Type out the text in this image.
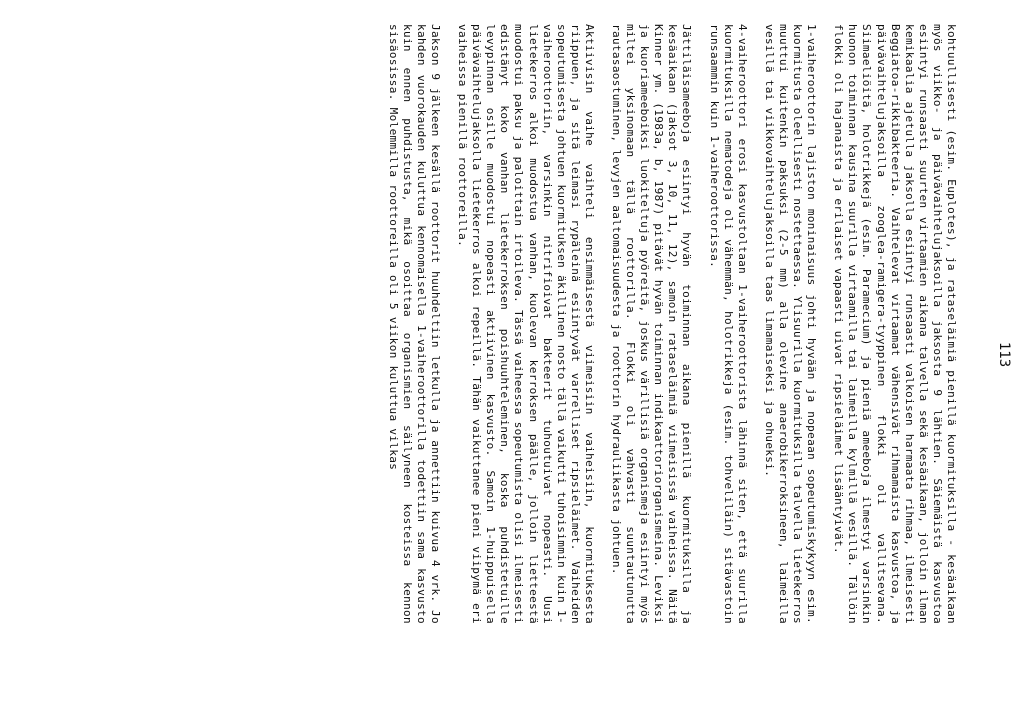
113

kohtuullisesti (esim. Euplotes), ja rataseläimiä pienillä kuormituksilla - kesäaikaan myös viikko- ja päivävaihtelujaksoilla jaksosta 9 lähtien. Säiemäistä kasvustoa esiintyi runsaasti suurten virtaamien aikana talvella sekä kesäaikaan, jolloin ilman kemikaalia ajetulla jaksolla esiintyi runsaasti valkoisen harmaata rihmaa, ilmeisesti Beggiatoa-rikkibakteeria. Vaihtelevat virtaamat vähensivät rihmamaista kasvustoa, ja päivävaihtelujaksoilla zooglea-ramigera-tyyppinen flokki oli vallitsevana. Siimaeliöitä, holotrikkejä (esim. Paramecium) ja pieniä ameeboja ilmestyi varsinkin huonon toiminnan kausina suurilla virtaamilla tai laimeilla kylmillä vesillä. Tällöin flokki oli hajanaista ja erilaiset vapaasti uivat ripsieläimet lisääntyivät.

1-vaiheroottorin lajiston moninaisuus johti hyvään ja nopeaan sopeutumiskykyyn esim. kuormitusta oleellisesti nostettaessa. Ylisuurilla kuormituksilla talvella lietekerros muuttui kuitenkin paksuksi (2-5 mm) alla olevine anaerobikerroksineen, laimeilla vesillä tai viikkovaihtelujaksoilla taas limamaiseksi ja ohueksi.

4-vaiheroottori erosi kasvustoltaan 1-vaiheroottorista lähinnä siten, että suurilla kuormituksilla nematodeja oli vähemmän, holotrikkeja (esim. tohveliläin) sitävastoin runsaammin kuin 1-vaiheroottorissa.

Jättiläisameeboja esiintyi hyvän toiminnan aikana pienillä kuormituksilla ja kesäaikaan (jaksot 3, 10, 11, 12), samoin rataseläimiä viimeisissä vaiheissa. Näitä Kinner ym. (1983a, b, 1987) pitävät hyvän toiminnan indikaattoriorganismeina. Leviksi ja kuoriameeboiksi luokiteltuja pyöreitä, joskus värillisiä organismeja esiintyi myös miltei yksinomaan tällä roottorilla. Flokki oli vahvasti suuntautunutta rautasaostuminen, levyjen aaltomaisuudesta ja roottorin hydrauliikasta johtuen.

Aktiivisin vaihe vaihteli ensimmäisestä viimeisiin vaiheisiin, kuormituksesta riippuen, ja sitä leimasi rypäleinä esiintyvät varrelliset ripsieläimet. Vaiheiden sopeutumisesta johtuen kuormituksen äkillinen nosto tällä vaikutti tuhoisimmin kuin 1-vaiheroottoriin, varsinkin nitrifioivat bakteerit tuhoutuivat nopeasti. Uusi lietekerros alkoi muodostua vanhan, kuolevan kerroksen päälle, jolloin lietteestä muodostui paksu ja paloittain irtoileva. Tässä vaiheessa sopeutumista olisi ilmeisesti edistänyt koko vanhan lietekerroksen poishuuhteleminen, koska puhdistetuille levypinnan osille muodostui nopeasti aktiivinen kasvusto. Samoin 1-huippuisella päivävaihtelujaksolla lietekerros alkoi repeillä. Tähän vaikuttanee pieni viipymä eri vaiheissa pienillä roottoreilla.

Jakson 9 jälkeen kesällä roottorit huuhdeltiin letkulla ja annettiin kuivua 4 vrk. Jo kahden vuorokauden kuluttua kennomaisella 1-vaiheroottorilla todettiin sama kasvusto kuin ennen puhdistusta, mikä osoittaa organismien säilyneen kosteissa kennon sisäosissa. Molemmilla roottoreilla oli 5 viikon kuluttua vilkas
